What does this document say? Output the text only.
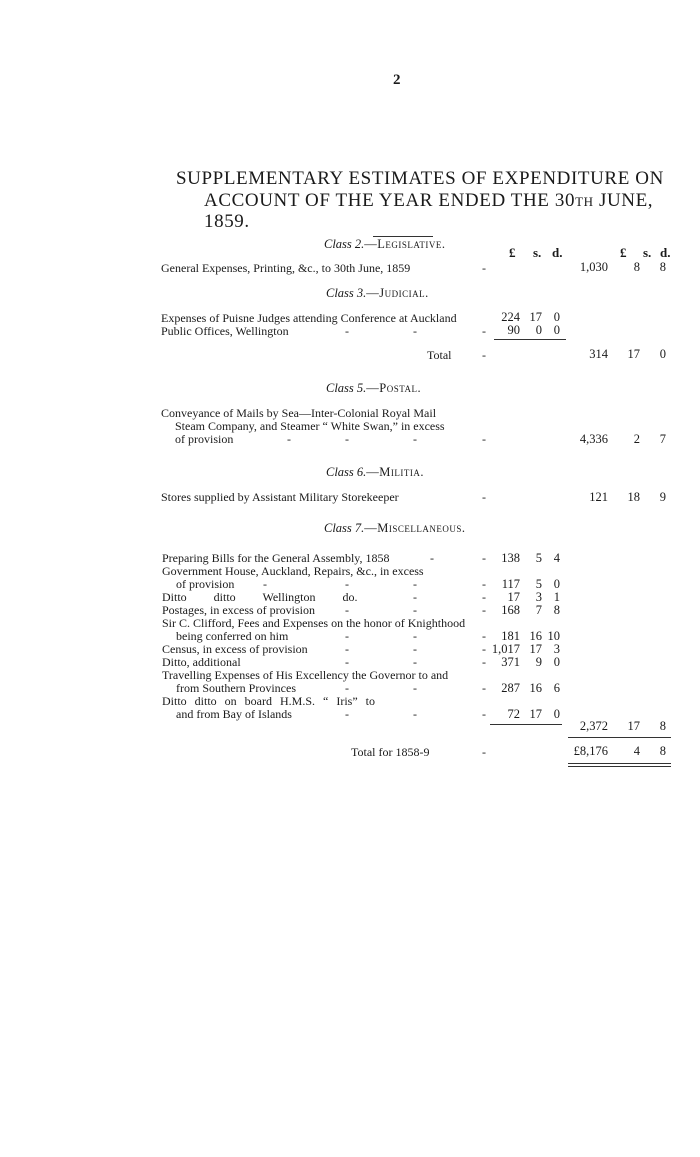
2
SUPPLEMENTARY ESTIMATES OF EXPENDITURE ON
ACCOUNT OF THE YEAR ENDED THE 30TH JUNE,
1859.
Class 2.—Legislative.
£ s. d.	£ s. d.
General Expenses, Printing, &c., to 30th June, 1859	-	1,030	8	8
Class 3.—Judicial.
Expenses of Puisne Judges attending Conference at Auckland	224 17 0
Public Offices, Wellington	-	-	-	90	0 0
Total	-	314	17	0
Class 5.—Postal.
Conveyance of Mails by Sea—Inter-Colonial Royal Mail
Steam Company, and Steamer “ White Swan,” in excess
of provision	-	-	-	-	4,336	2	7
Class 6.—Militia.
Stores supplied by Assistant Military Storekeeper	-	121	18	9
Class 7.—Miscellaneous.
Preparing Bills for the General Assembly, 1858	-	-	138	5 4
Government House, Auckland, Repairs, &c., in excess
of provision -	-	-	-	117	5 0
Ditto ditto Wellington do.	-	-	17	3 1
Postages, in excess of provision	-	-	-	168	7 8
Sir C. Clifford, Fees and Expenses on the honor of Knighthood
being conferred on him	-	-	-	181 16 10
Census, in excess of provision	-	-	- 1,017 17 3
Ditto, additional	-	-	-	371	9 0
Travelling Expenses of His Excellency the Governor to and
from Southern Provinces	-	-	-	287 16 6
Ditto ditto on board H.M.S. “ Iris” to
and from Bay of Islands	-	-	-	72 17 0
2,372	17	8
Total for 1858-9	-	£8,176	4	8
